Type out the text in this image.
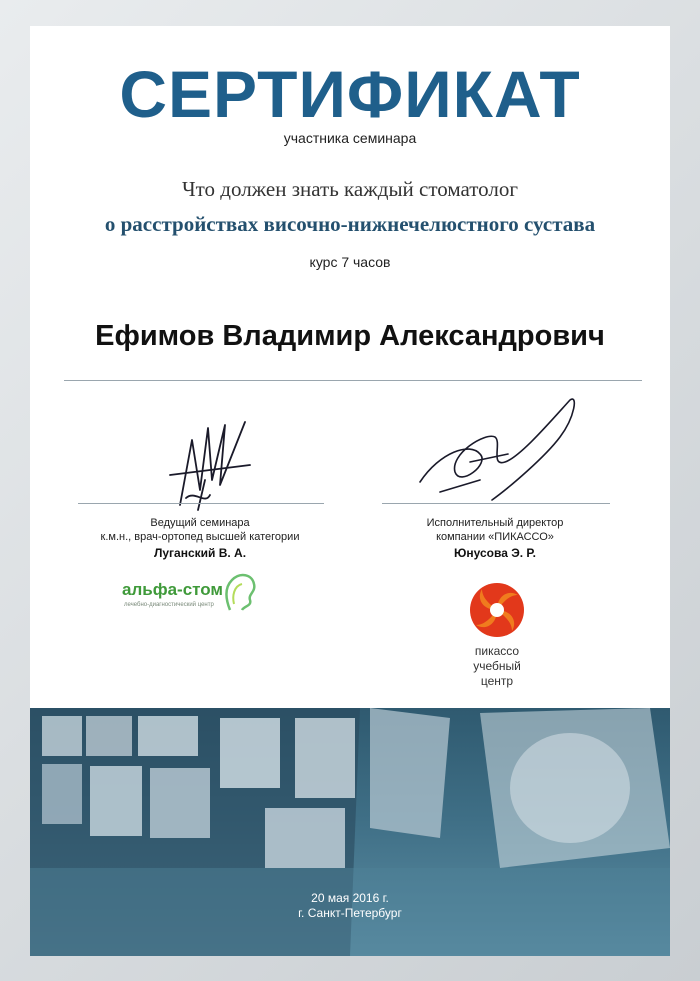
СЕРТИФИКАТ
участника семинара
Что должен знать каждый стоматолог
о расстройствах височно-нижнечелюстного сустава
курс 7 часов
Ефимов Владимир Александрович
Ведущий семинара
к.м.н., врач-ортопед высшей категории
Луганский В. А.
Исполнительный директор
компании «ПИКАССО»
Юнусова Э. Р.
альфа-стом
лечебно-диагностический центр
пикассо
учебный
центр
20 мая 2016 г.
г. Санкт-Петербург
